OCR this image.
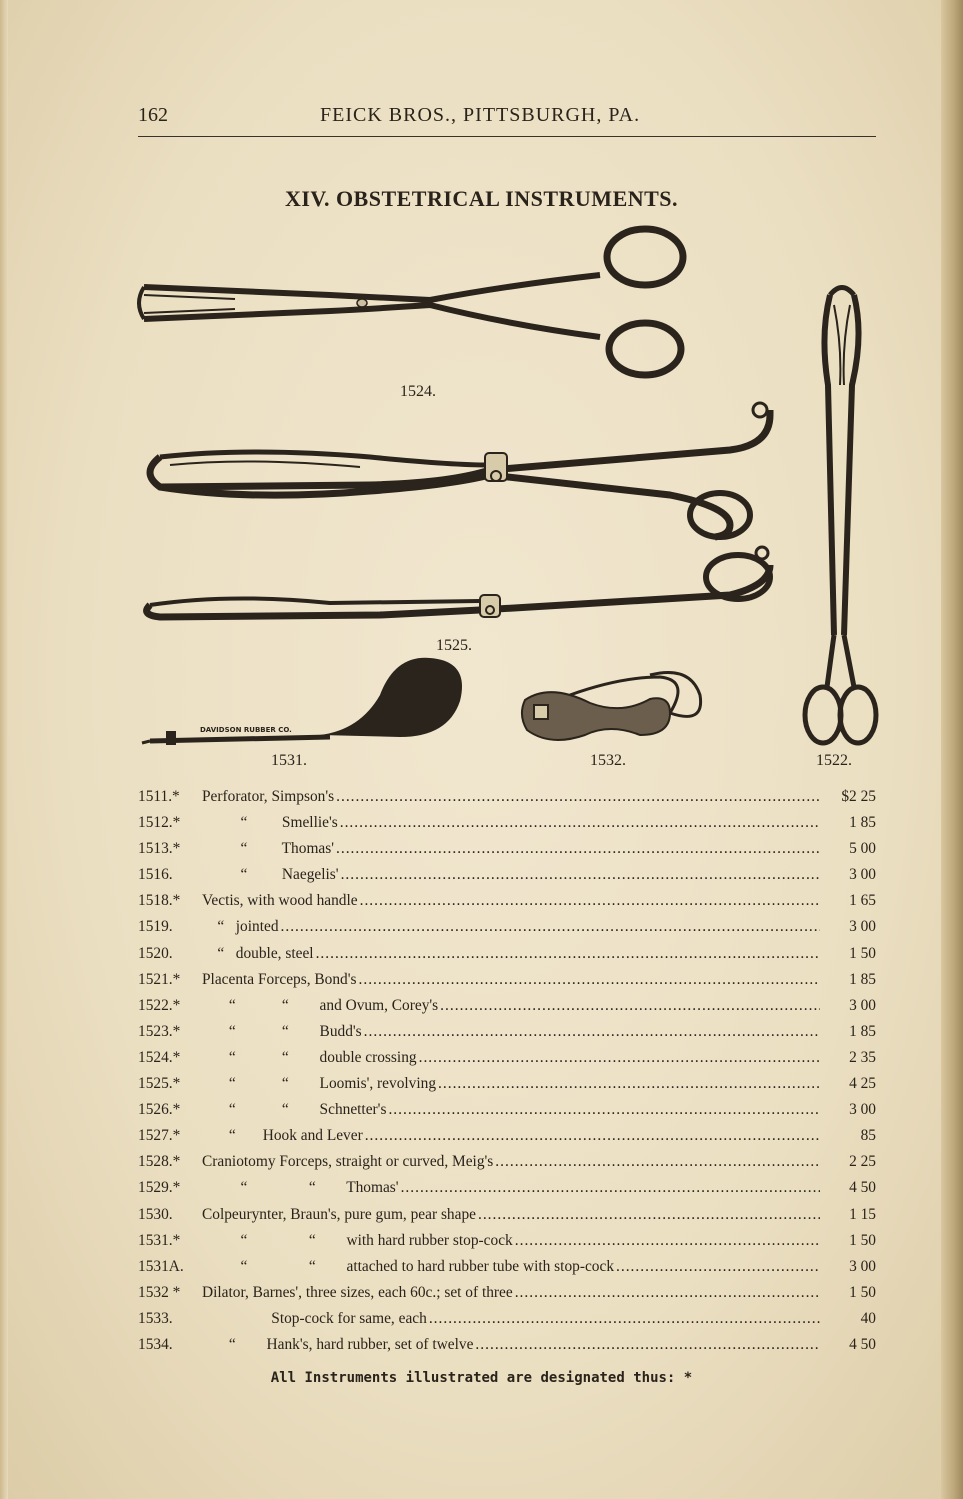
162	FEICK BROS., PITTSBURGH, PA.
XIV. OBSTETRICAL INSTRUMENTS.
DAVIDSON RUBBER CO.
1524.
1525.
1531.	1532.	1522.
1511.* Perforator, Simpson's .....	$2 25
1512.* “         Smellie's .....	1 85
1513.* “         Thomas' .....	5 00
1516. “         Naegelis' .....	3 00
1518.* Vectis, with wood handle .....	1 65
1519. “   jointed .....	3 00
1520. “   double, steel .....	1 50
1521.* Placenta Forceps, Bond's .....	1 85
1522.* “            “        and Ovum, Corey's .....	3 00
1523.* “            “        Budd's .....	1 85
1524.* “            “        double crossing .....	2 35
1525.* “            “        Loomis', revolving .....	4 25
1526.* “            “        Schnetter's .....	3 00
1527.* “       Hook and Lever .....	85
1528.* Craniotomy Forceps, straight or curved, Meig's .....	2 25
1529.* “                “        Thomas' .....	4 50
1530. Colpeurynter, Braun's, pure gum, pear shape .....	1 15
1531.* “                “        with hard rubber stop-cock .....	1 50
1531A. “                “        attached to hard rubber tube with stop-cock .....	3 00
1532 * Dilator, Barnes', three sizes, each 60c.; set of three .....	1 50
1533. Stop-cock for same, each .....	40
1534. “        Hank's, hard rubber, set of twelve .....	4 50
All Instruments illustrated are designated thus: *
